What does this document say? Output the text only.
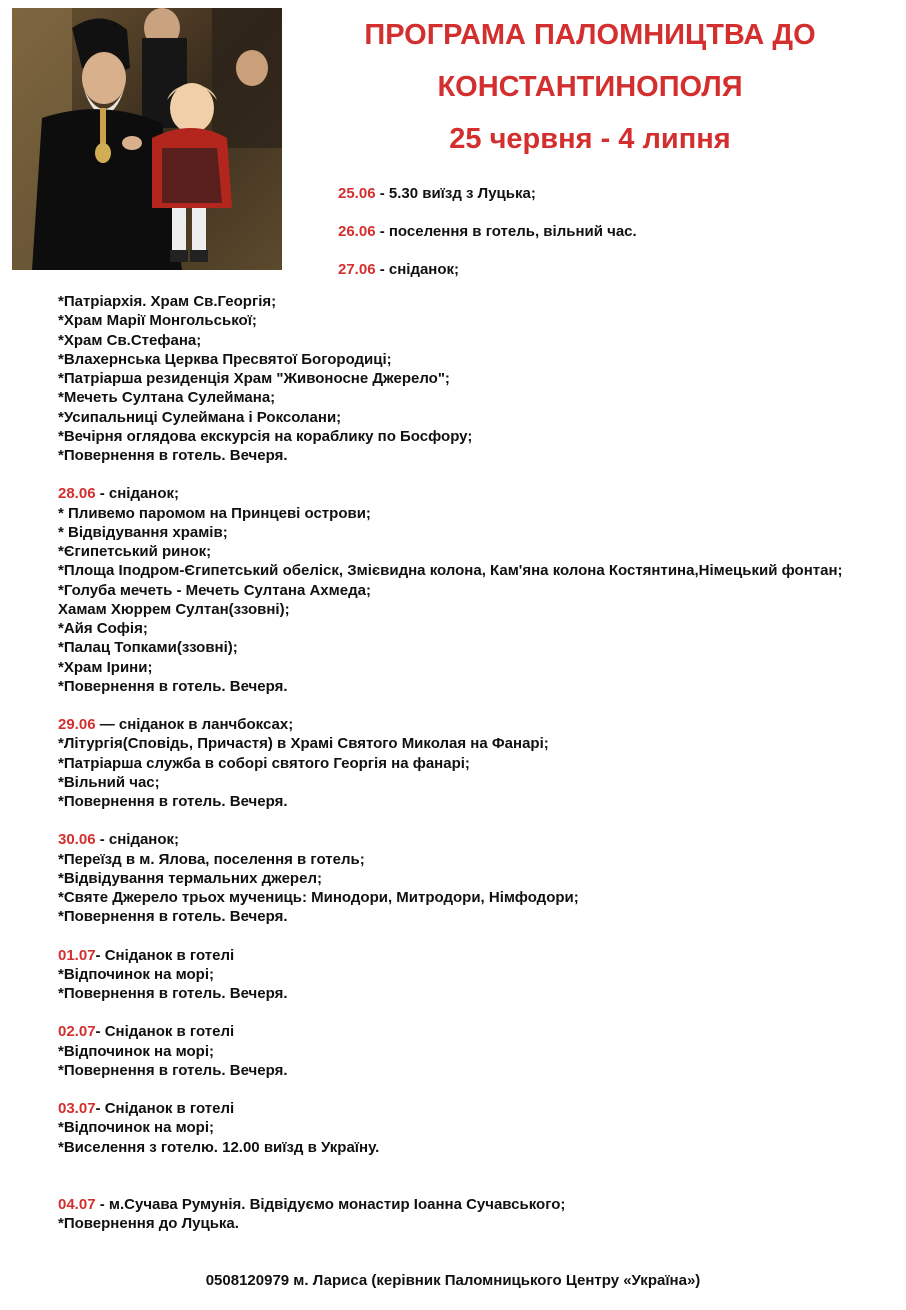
ПРОГРАМА ПАЛОМНИЦТВА ДО
КОНСТАНТИНОПОЛЯ
25 червня - 4 липня

25.06 - 5.30 виїзд з Луцька;

26.06 - поселення в готель, вільний час.

27.06 - сніданок;

*Патріархія. Храм Св.Георгія;

*Храм Марії Монгольської;

*Храм Св.Стефана;

*Влахернська Церква Пресвятої Богородиці;

*Патріарша резиденція Храм "Живоносне Джерело";

*Мечеть Султана Сулеймана;

*Усипальниці Сулеймана і Роксолани;

*Вечірня оглядова екскурсія на кораблику по Босфору;

*Повернення в готель. Вечеря.

28.06 - сніданок;

* Пливемо паромом на Принцеві острови;

* Відвідування храмів;

*Єгипетський ринок;

*Площа Іподром-Єгипетський обеліск, Змієвидна колона, Кам'яна колона Костянтина,Німецький фонтан;

*Голуба мечеть - Мечеть Султана Ахмеда;

Хамам Хюррем Султан(ззовні);

*Айя Софія;

*Палац Топками(ззовні);

*Храм Ірини;

*Повернення в готель. Вечеря.

29.06 — сніданок в ланчбоксах;

*Літургія(Сповідь, Причастя) в Храмі Святого Миколая на Фанарі;

*Патріарша служба в соборі святого Георгія на фанарі;

*Вільний час;

*Повернення в готель. Вечеря.

30.06 - сніданок;

*Переїзд в м. Ялова, поселення в готель;

*Відвідування термальних джерел;

*Святе Джерело трьох мучениць: Минодори, Митродори, Німфодори;

*Повернення в готель. Вечеря.

01.07- Сніданок в готелі

*Відпочинок на морі;

*Повернення в готель. Вечеря.

02.07- Сніданок в готелі

*Відпочинок на морі;

*Повернення в готель. Вечеря.

03.07- Сніданок в готелі

*Відпочинок на морі;

*Виселення з готелю. 12.00 виїзд в Україну.

04.07 - м.Сучава Румунія. Відвідуємо монастир Іоанна Сучавського;

*Повернення до Луцька.

0508120979 м. Лариса (керівник Паломницького Центру «Україна»)
